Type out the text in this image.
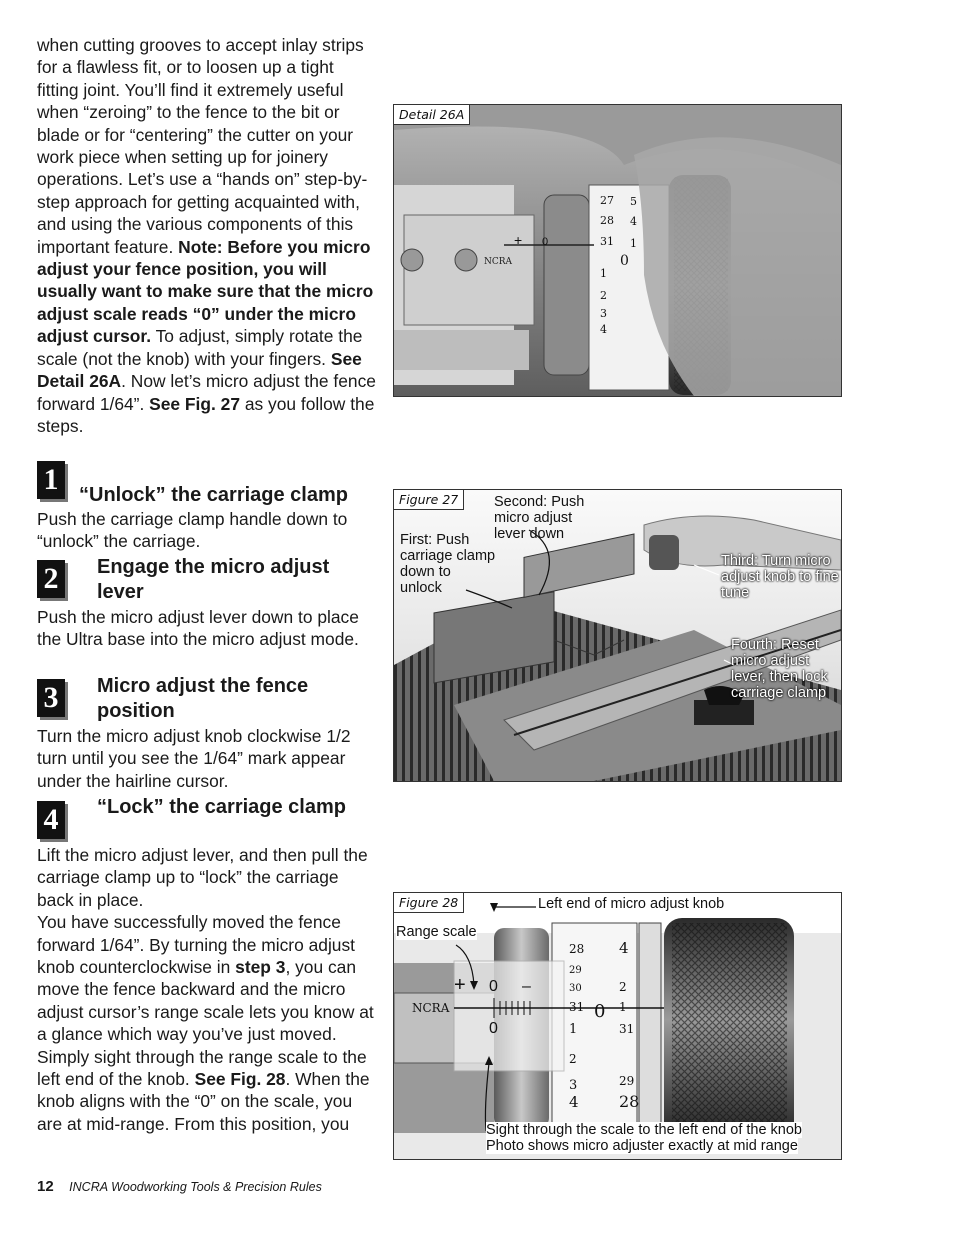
when cutting grooves to accept inlay strips for a flawless fit, or to loosen up a tight fitting joint. You’ll find it extremely useful when “zeroing” to the fence to the bit or blade or for “centering” the cutter on your work piece when setting up for joinery operations. Let’s use a “hands on” step-by-step approach for getting acquainted with, and using the various components of this important feature. Note: Before you micro adjust your fence position, you will usually want to make sure that the micro adjust scale reads “0” under the micro adjust cursor. To adjust, simply rotate the scale (not the knob) with your fingers. See Detail 26A. Now let’s micro adjust the fence forward 1/64”. See Fig. 27 as you follow the steps.

1	“Unlock” the carriage clamp
Push the carriage clamp handle down to “unlock” the carriage.
2	Engage the micro adjust lever
Push the micro adjust lever down to place the Ultra base into the micro adjust mode.
3	Micro adjust the fence position
Turn the micro adjust knob clockwise 1/2 turn until you see the 1/64” mark appear under the hairline cursor.
4	“Lock” the carriage clamp

Lift the micro adjust lever, and then pull the carriage clamp up to “lock” the carriage back in place.

You have successfully moved the fence forward 1/64”. By turning the micro adjust knob counterclockwise in step 3, you can move the fence backward and the micro adjust cursor’s range scale lets you know at a glance which way you’ve just moved. Simply sight through the range scale to the left end of the knob. See Fig. 28. When the knob aligns with the “0” on the scale, you are at mid-range. From this position, you

27
28
31
1
2
3
4
5
4
1
0
+ 0
NCRA
Detail 26A
Figure 27
First: Push carriage clamp down to unlock
Second: Push micro adjust lever down
Third: Turn micro adjust knob to fine tune
Fourth: Reset micro adjust lever, then lock carriage clamp
28
29
30
31
1
2
3
4
4
2
1
31
0
29
28
+ 0 –
0
NCRA
Figure 28	Left end of micro adjust knob
Range scale
Sight through the scale to the left end of the knob
Photo shows micro adjuster exactly at mid range
12 INCRA Woodworking Tools & Precision Rules
